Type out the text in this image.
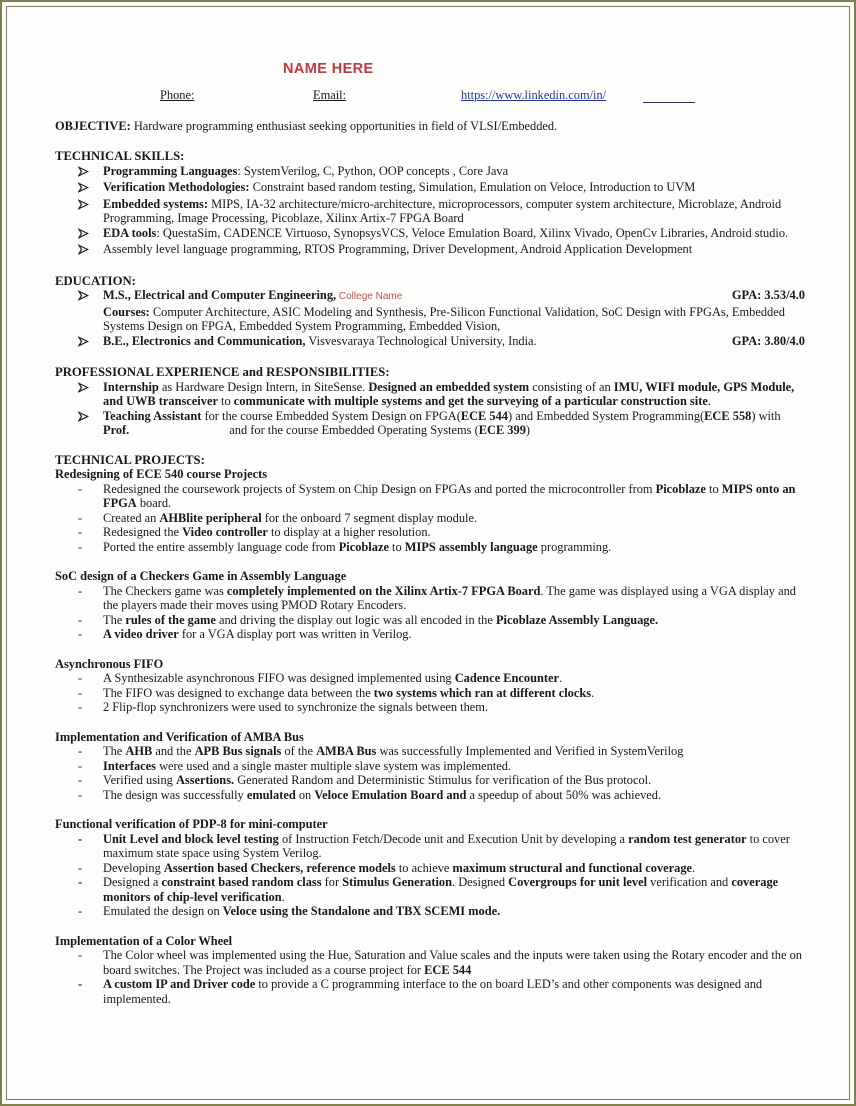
NAME HERE
Phone:	Email:	https://www.linkedin.com/in/

OBJECTIVE: Hardware programming enthusiast seeking opportunities in field of VLSI/Embedded.

TECHNICAL SKILLS:
Programming Languages: SystemVerilog, C, Python, OOP concepts , Core Java
Verification Methodologies: Constraint based random testing, Simulation, Emulation on Veloce, Introduction to UVM
Embedded systems: MIPS, IA-32 architecture/micro-architecture, microprocessors, computer system architecture, Microblaze, Android Programming, Image Processing, Picoblaze, Xilinx Artix-7 FPGA Board
EDA tools: QuestaSim, CADENCE Virtuoso, SynopsysVCS, Veloce Emulation Board, Xilinx Vivado, OpenCv Libraries, Android studio.
Assembly level language programming, RTOS Programming, Driver Development, Android Application Development
EDUCATION:
M.S., Electrical and Computer Engineering, College Name	GPA: 3.53/4.0
Courses: Computer Architecture, ASIC Modeling and Synthesis, Pre-Silicon Functional Validation, SoC Design with FPGAs, Embedded Systems Design on FPGA, Embedded System Programming, Embedded Vision,
B.E., Electronics and Communication, Visvesvaraya Technological University, India.	GPA: 3.80/4.0
PROFESSIONAL EXPERIENCE and RESPONSIBILITIES:
Internship as Hardware Design Intern, in SiteSense. Designed an embedded system consisting of an IMU, WIFI module, GPS Module, and UWB transceiver to communicate with multiple systems and get the surveying of a particular construction site.
Teaching Assistant for the course Embedded System Design on FPGA(ECE 544) and Embedded System Programming(ECE 558) with Prof.	and for the course Embedded Operating Systems (ECE 399)
TECHNICAL PROJECTS:
Redesigning of ECE 540 course Projects
-	Redesigned the coursework projects of System on Chip Design on FPGAs and ported the microcontroller from Picoblaze to MIPS onto an FPGA board.
-	Created an AHBlite peripheral for the onboard 7 segment display module.
-	Redesigned the Video controller to display at a higher resolution.
-	Ported the entire assembly language code from Picoblaze to MIPS assembly language programming.
SoC design of a Checkers Game in Assembly Language
-	The Checkers game was completely implemented on the Xilinx Artix-7 FPGA Board. The game was displayed using a VGA display and the players made their moves using PMOD Rotary Encoders.
-	The rules of the game and driving the display out logic was all encoded in the Picoblaze Assembly Language.
-	A video driver for a VGA display port was written in Verilog.
Asynchronous FIFO
-	A Synthesizable asynchronous FIFO was designed implemented using Cadence Encounter.
-	The FIFO was designed to exchange data between the two systems which ran at different clocks.
-	2 Flip-flop synchronizers were used to synchronize the signals between them.
Implementation and Verification of AMBA Bus
-	The AHB and the APB Bus signals of the AMBA Bus was successfully Implemented and Verified in SystemVerilog
-	Interfaces were used and a single master multiple slave system was implemented.
-	Verified using Assertions. Generated Random and Deterministic Stimulus for verification of the Bus protocol.
-	The design was successfully emulated on Veloce Emulation Board and a speedup of about 50% was achieved.
Functional verification of PDP-8 for mini-computer
-	Unit Level and block level testing of Instruction Fetch/Decode unit and Execution Unit by developing a random test generator to cover maximum state space using System Verilog.
-	Developing Assertion based Checkers, reference models to achieve maximum structural and functional coverage.
-	Designed a constraint based random class for Stimulus Generation. Designed Covergroups for unit level verification and coverage monitors of chip-level verification.
-	Emulated the design on Veloce using the Standalone and TBX SCEMI mode.
Implementation of a Color Wheel
-	The Color wheel was implemented using the Hue, Saturation and Value scales and the inputs were taken using the Rotary encoder and the on board switches. The Project was included as a course project for ECE 544
-	A custom IP and Driver code to provide a C programming interface to the on board LED’s and other components was designed and implemented.
